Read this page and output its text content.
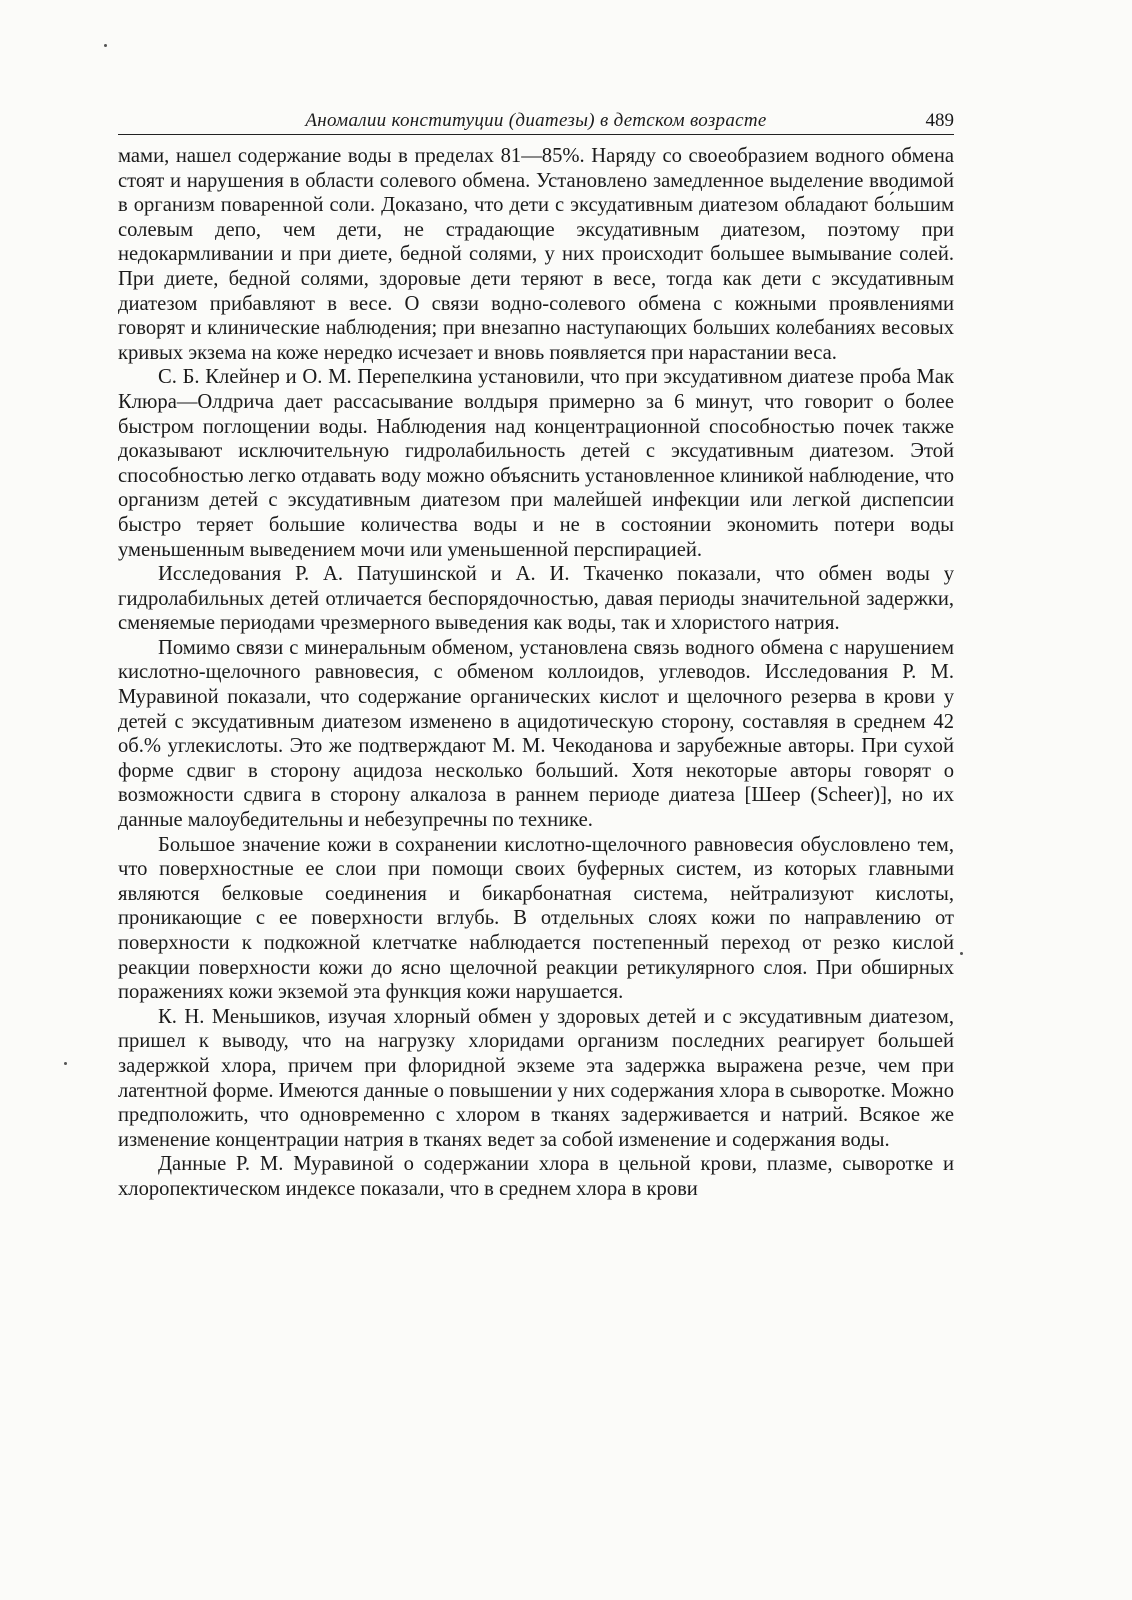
Аномалии конституции (диатезы) в детском возрасте	489

мами, нашел содержание воды в пределах 81—85%. Наряду со своеобразием водного обмена стоят и нарушения в области солевого обмена. Установлено замедленное выделение вводимой в организм поваренной соли. Доказано, что дети с эксудативным диатезом обладают бо́льшим солевым депо, чем дети, не страдающие эксудативным диатезом, поэтому при недокармливании и при диете, бедной солями, у них происходит большее вымывание солей. При диете, бедной солями, здоровые дети теряют в весе, тогда как дети с эксудативным диатезом прибавляют в весе. О связи водно-солевого обмена с кожными проявлениями говорят и клинические наблюдения; при внезапно наступающих больших колебаниях весовых кривых экзема на коже нередко исчезает и вновь появляется при нарастании веса.

С. Б. Клейнер и О. М. Перепелкина установили, что при эксудативном диатезе проба Мак Клюра—Олдрича дает рассасывание волдыря примерно за 6 минут, что говорит о более быстром поглощении воды. Наблюдения над концентрационной способностью почек также доказывают исключительную гидролабильность детей с эксудативным диатезом. Этой способностью легко отдавать воду можно объяснить установленное клиникой наблюдение, что организм детей с эксудативным диатезом при малейшей инфекции или легкой диспепсии быстро теряет большие количества воды и не в состоянии экономить потери воды уменьшенным выведением мочи или уменьшенной перспирацией.

Исследования Р. А. Патушинской и А. И. Ткаченко показали, что обмен воды у гидролабильных детей отличается беспорядочностью, давая периоды значительной задержки, сменяемые периодами чрезмерного выведения как воды, так и хлористого натрия.

Помимо связи с минеральным обменом, установлена связь водного обмена с нарушением кислотно-щелочного равновесия, с обменом коллоидов, углеводов. Исследования Р. М. Муравиной показали, что содержание органических кислот и щелочного резерва в крови у детей с эксудативным диатезом изменено в ацидотическую сторону, составляя в среднем 42 об.% углекислоты. Это же подтверждают М. М. Чекоданова и зарубежные авторы. При сухой форме сдвиг в сторону ацидоза несколько больший. Хотя некоторые авторы говорят о возможности сдвига в сторону алкалоза в раннем периоде диатеза [Шеер (Scheer)], но их данные малоубедительны и небезупречны по технике.

Большое значение кожи в сохранении кислотно-щелочного равновесия обусловлено тем, что поверхностные ее слои при помощи своих буферных систем, из которых главными являются белковые соединения и бикарбонатная система, нейтрализуют кислоты, проникающие с ее поверхности вглубь. В отдельных слоях кожи по направлению от поверхности к подкожной клетчатке наблюдается постепенный переход от резко кислой реакции поверхности кожи до ясно щелочной реакции ретикулярного слоя. При обширных поражениях кожи экземой эта функция кожи нарушается.

К. Н. Меньшиков, изучая хлорный обмен у здоровых детей и с эксудативным диатезом, пришел к выводу, что на нагрузку хлоридами организм последних реагирует большей задержкой хлора, причем при флоридной экземе эта задержка выражена резче, чем при латентной форме. Имеются данные о повышении у них содержания хлора в сыворотке. Можно предположить, что одновременно с хлором в тканях задерживается и натрий. Всякое же изменение концентрации натрия в тканях ведет за собой изменение и содержания воды.

Данные Р. М. Муравиной о содержании хлора в цельной крови, плазме, сыворотке и хлоропектическом индексе показали, что в среднем хлора в крови
